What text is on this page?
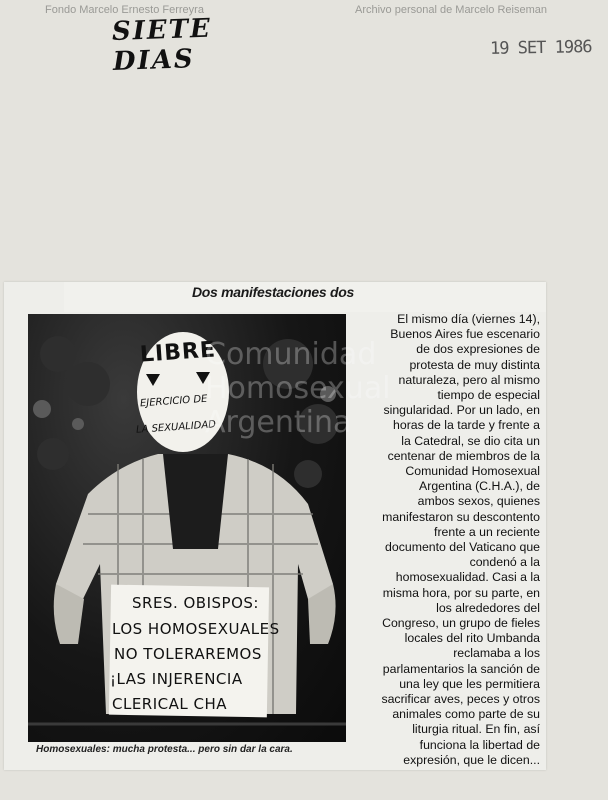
Fondo Marcelo Ernesto Ferreyra	Archivo personal de Marcelo Reiseman
SIETE DIAS	19 SET 1986
Dos manifestaciones dos
LIBRE
EJERCICIO DE
LA SEXUALIDAD
SRES. OBISPOS:
LOS HOMOSEXUALES
NO TOLERAREMOS
¡LAS INJERENCIA
CLERICAL CHA
Homosexuales: mucha protesta... pero sin dar la cara.
El mismo día (viernes 14),
Buenos Aires fue escenario
de dos expresiones de
protesta de muy distinta
naturaleza, pero al mismo
tiempo de especial
singularidad. Por un lado, en
horas de la tarde y frente a
la Catedral, se dio cita un
centenar de miembros de la
Comunidad Homosexual
Argentina (C.H.A.), de
ambos sexos, quienes
manifestaron su descontento
frente a un reciente
documento del Vaticano que
condenó a la
homosexualidad. Casi a la
misma hora, por su parte, en
los alrededores del
Congreso, un grupo de fieles
locales del rito Umbanda
reclamaba a los
parlamentarios la sanción de
una ley que les permitiera
sacrificar aves, peces y otros
animales como parte de su
liturgia ritual. En fin, así
funciona la libertad de
expresión, que le dicen...
Comunidad
Homosexual
Argentina
